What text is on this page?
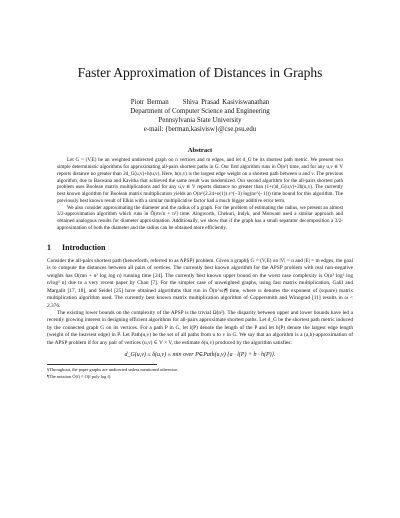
Faster Approximation of Distances in Graphs
Piotr Berman Shiva Prasad Kasiviswanathan
Department of Computer Science and Engineering
Pennsylvania State University
e-mail: {berman,kasivisw}@cse.psu.edu
Abstract

Let G = (V,E) be an weighted undirected graph on n vertices and m edges, and let d_G be its shortest path metric. We present two simple deterministic algorithms for approximating all-pairs shortest paths in G. Our first algorithm runs in Õ(n²) time, and for any u,v ∈ V reports distance no greater than 2d_G(u,v)+h(u,v). Here, h(u,v) is the largest edge weight on a shortest path between u and v. The previous algorithm, due to Baswana and Kavitha that achieved the same result was randomized. Our second algorithm for the all-pairs shortest path problem uses Boolean matrix multiplications and for any u,v ∈ V reports distance no greater than (1+ε)d_G(u,v)+2h(u,v). The currently best known algorithm for Boolean matrix multiplication yields an O(n^(2.24+o(1)) ε^(−3) log(nε^(−1))) time bound for this algorithm. The previously best known result of Elkin with a similar multiplicative factor had a much bigger additive error term.

We also consider approximating the diameter and the radius of a graph. For the problem of estimating the radius, we present an almost 3/2-approximation algorithm which runs in Õ(m√n + n²) time. Aingworth, Chekuri, Indyk, and Motwani used a similar approach and obtained analogous results for diameter approximation. Additionally, we show that if the graph has a small separator decomposition a 3/2-approximation of both the diameter and the radius can be obtained more efficiently.

1 Introduction

Consider the all-pairs shortest path (henceforth, referred to as APSP) problem. Given a graph§ G = (V,E) on |V| = n and |E| = m edges, the goal is to compute the distances between all pairs of vertices. The currently best known algorithm for the APSP problem with real non-negative weights has O(mn + n² log log n) running time [24]. The currently best known upper bound on the worst case complexity is O(n³ log³ log n/log² n) due to a very recent paper by Chan [7]. For the simpler case of unweighted graphs, using fast matrix multiplication, Galil and Margalit [17, 18], and Seidel [25] have obtained algorithms that run in Õ(n^ω)¶ time, where ω denotes the exponent of (square) matrix multiplication algorithm used. The currently best known matrix multiplication algorithm of Coppersmith and Winograd [11] results in ω < 2.376.

The existing lower bounds on the complexity of the APSP is the trivial Ω(n²). The disparity between upper and lower bounds have led a recently growing interest in designing efficient algorithms for all-pairs approximate shortest paths. Let d_G be the shortest path metric induced by the connected graph G on its vertices. For a path P in G, let l(P) denote the length of the P and let h(P) denote the largest edge length (weight of the heaviest edge) in P. Let Path(u,v) be the set of all paths from u to v in G. We say that an algorithm is a (a,b)-approximation of the APSP problem if for any pair of vertices (u,v) ∈ V × V, the estimate δ(u,v) produced by the algorithm satisfies:

d_G(u,v) ≤ δ(u,v) ≤ min over P∈Path(u,v) {a · l(P) + b · h(P)}.
§Throughout, the paper graphs are undirected unless mentioned otherwise.
¶The notation Õ(f) ≡ O(f poly log f).
